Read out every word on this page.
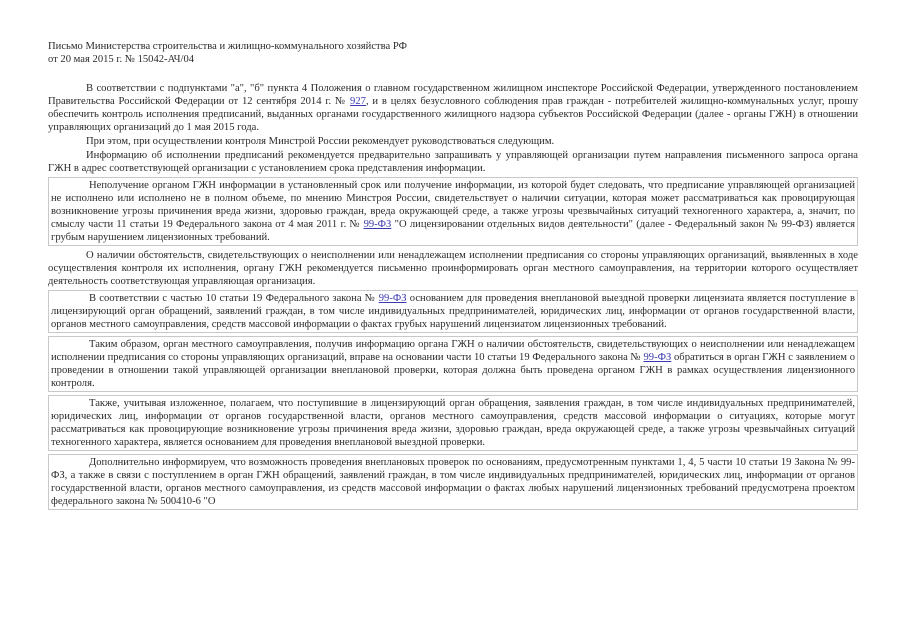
Письмо Министерства строительства и жилищно-коммунального хозяйства РФ

от 20 мая 2015 г. № 15042-АЧ/04

В соответствии с подпунктами "a", "б" пункта 4 Положения о главном государственном жилищном инспекторе Российской Федерации, утвержденного постановлением Правительства Российской Федерации от 12 сентября 2014 г. № 927, и в целях безусловного соблюдения прав граждан - потребителей жилищно-коммунальных услуг, прошу обеспечить контроль исполнения предписаний, выданных органами государственного жилищного надзора субъектов Российской Федерации (далее - органы ГЖН) в отношении управляющих организаций до 1 мая 2015 года.

При этом, при осуществлении контроля Минстрой России рекомендует руководствоваться следующим.

Информацию об исполнении предписаний рекомендуется предварительно запрашивать у управляющей организации путем направления письменного запроса органа ГЖН в адрес соответствующей организации с установлением срока представления информации.

Неполучение органом ГЖН информации в установленный срок или получение информации, из которой будет следовать, что предписание управляющей организацией не исполнено или исполнено не в полном объеме, по мнению Минстроя России, свидетельствует о наличии ситуации, которая может рассматриваться как провоцирующая возникновение угрозы причинения вреда жизни, здоровью граждан, вреда окружающей среде, а также угрозы чрезвычайных ситуаций техногенного характера, а, значит, по смыслу части 11 статьи 19 Федерального закона от 4 мая 2011 г. № 99-ФЗ "О лицензировании отдельных видов деятельности" (далее - Федеральный закон № 99-ФЗ) является грубым нарушением лицензионных требований.

О наличии обстоятельств, свидетельствующих о неисполнении или ненадлежащем исполнении предписания со стороны управляющих организаций, выявленных в ходе осуществления контроля их исполнения, органу ГЖН рекомендуется письменно проинформировать орган местного самоуправления, на территории которого осуществляет деятельность соответствующая управляющая организация.

В соответствии с частью 10 статьи 19 Федерального закона № 99-ФЗ основанием для проведения внеплановой выездной проверки лицензиата является поступление в лицензирующий орган обращений, заявлений граждан, в том числе индивидуальных предпринимателей, юридических лиц, информации от органов государственной власти, органов местного самоуправления, средств массовой информации о фактах грубых нарушений лицензиатом лицензионных требований.

Таким образом, орган местного самоуправления, получив информацию органа ГЖН о наличии обстоятельств, свидетельствующих о неисполнении или ненадлежащем исполнении предписания со стороны управляющих организаций, вправе на основании части 10 статьи 19 Федерального закона № 99-ФЗ обратиться в орган ГЖН с заявлением о проведении в отношении такой управляющей организации внеплановой проверки, которая должна быть проведена органом ГЖН в рамках осуществления лицензионного контроля.

Также, учитывая изложенное, полагаем, что поступившие в лицензирующий орган обращения, заявления граждан, в том числе индивидуальных предпринимателей, юридических лиц, информации от органов государственной власти, органов местного самоуправления, средств массовой информации о ситуациях, которые могут рассматриваться как провоцирующие возникновение угрозы причинения вреда жизни, здоровью граждан, вреда окружающей среде, а также угрозы чрезвычайных ситуаций техногенного характера, является основанием для проведения внеплановой выездной проверки.

Дополнительно информируем, что возможность проведения внеплановых проверок по основаниям, предусмотренным пунктами 1, 4, 5 части 10 статьи 19 Закона № 99-ФЗ, а также в связи с поступлением в орган ГЖН обращений, заявлений граждан, в том числе индивидуальных предпринимателей, юридических лиц, информации от органов государственной власти, органов местного самоуправления, из средств массовой информации о фактах любых нарушений лицензионных требований предусмотрена проектом федерального закона № 500410-6 "О
